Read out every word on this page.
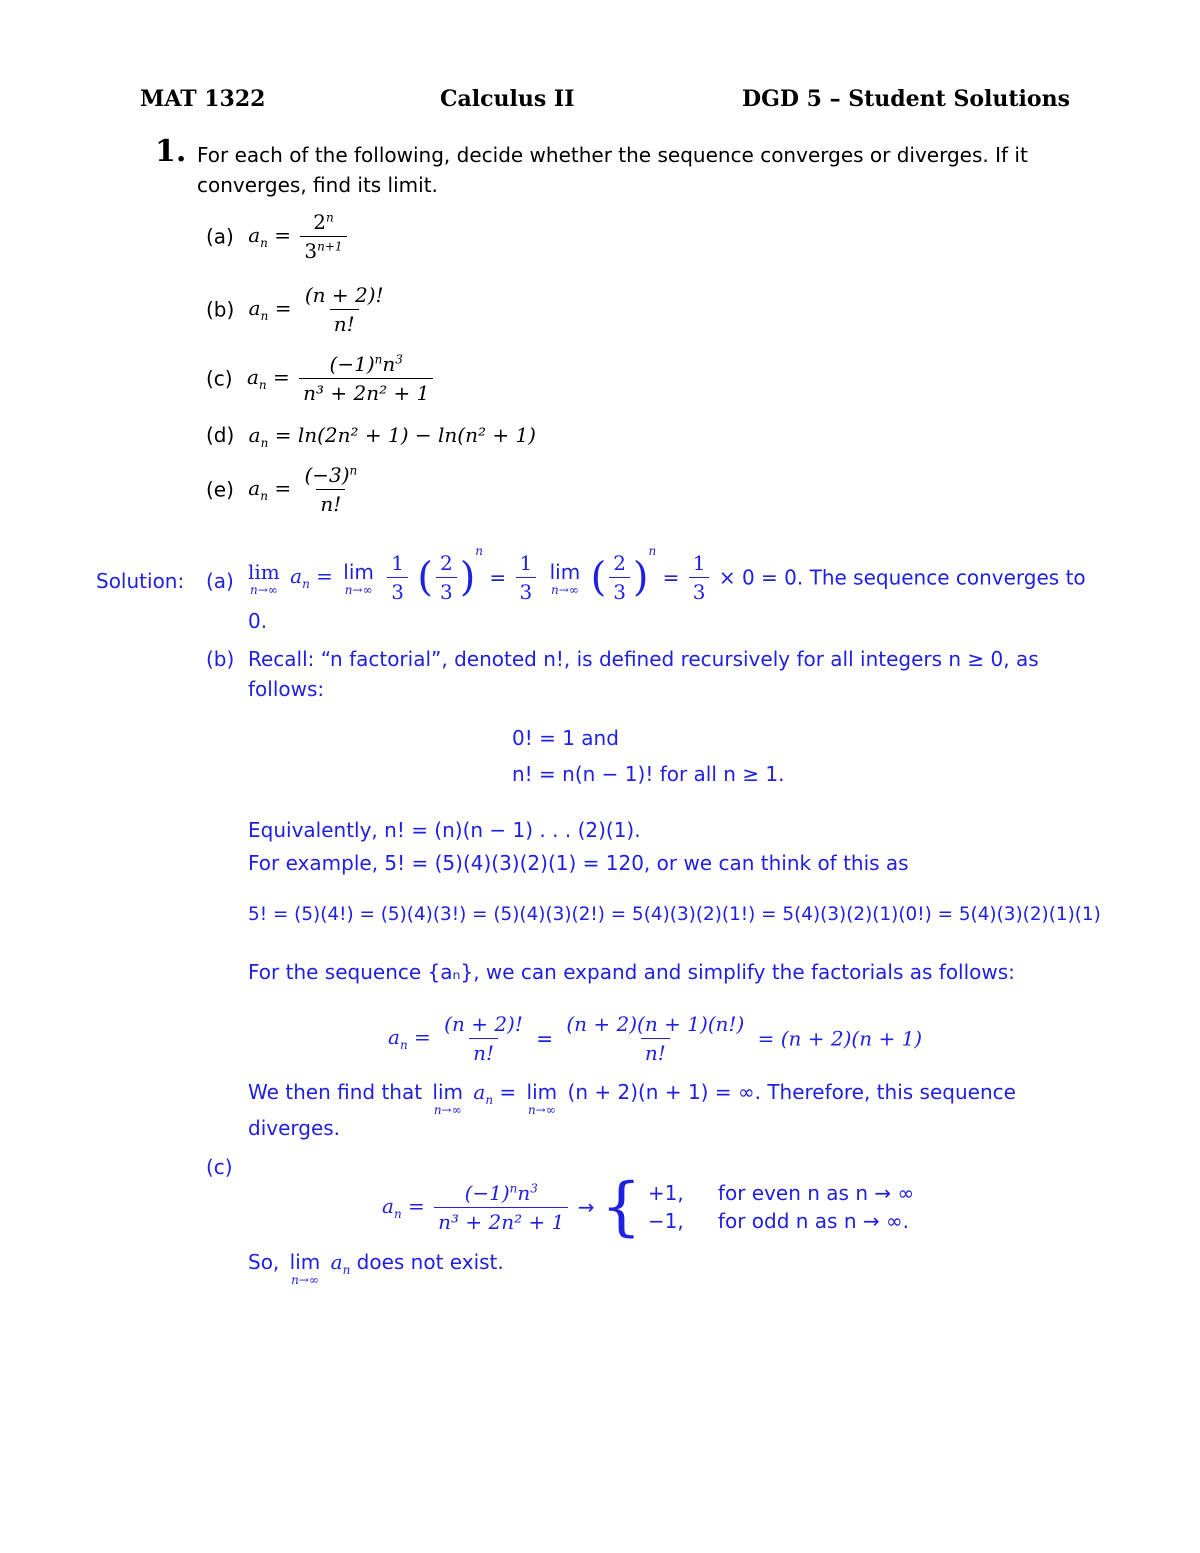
MAT 1322	Calculus II	DGD 5 – Student Solutions
1. For each of the following, decide whether the sequence converges or diverges. If it
converges, find its limit.
(a) $a_n = \frac{2^n}{3^{n+1}}$
(b) $a_n = \frac{(n + 2)!}{n!}$
(c) $a_n = \frac{(-1)^nn^3}{\text{n³ + 2n² + 1}}$
(d) $a_n = \ln(2n^2 + 1) - \ln(n^2 + 1)$
(e) $a_n = \frac{(-3)^n}{n!}$
Solution: (a) lim
n→∞
$a_n = \lim$
n→∞
$\frac{1}{3}$ ( $\frac{2}{3} )^n = \frac{1}{3}$
lim
n→∞ ( $\frac{2}{3} )^n = \frac{1}{3} \times 0 = 0$. The sequence converges to
0.
(b) Recall: “n factorial”, denoted n!, is defined recursively for all integers n ≥ 0, as
follows:
0! = 1 and
n! = n(n − 1)! for all n ≥ 1.
Equivalently, n! = (n)(n − 1) . . . (2)(1).
For example, 5! = (5)(4)(3)(2)(1) = 120, or we can think of this as
5! = (5)(4!) = (5)(4)(3!) = (5)(4)(3)(2!) = 5(4)(3)(2)(1!) = 5(4)(3)(2)(1)(0!) = 5(4)(3)(2)(1)(1)
For the sequence {aₙ}, we can expand and simplify the factorials as follows:
$a_n = \frac{(n + 2)!}{n!} = \frac{(n + 2)(n + 1)(n!)}{n!} = (n + 2)(n + 1)$
We then find that lim
n→∞
$a_n = \lim$
n→∞
(n + 2)(n + 1) = ∞. Therefore, this sequence
diverges.
(c)
$a_n = \frac{(-1)^nn^3}{\text{n³ + 2n² + 1}}$ → { +1, for even n as n → ∞
−1, for odd n as n → ∞.
So, lim
n→∞
$a_n$ does not exist.
